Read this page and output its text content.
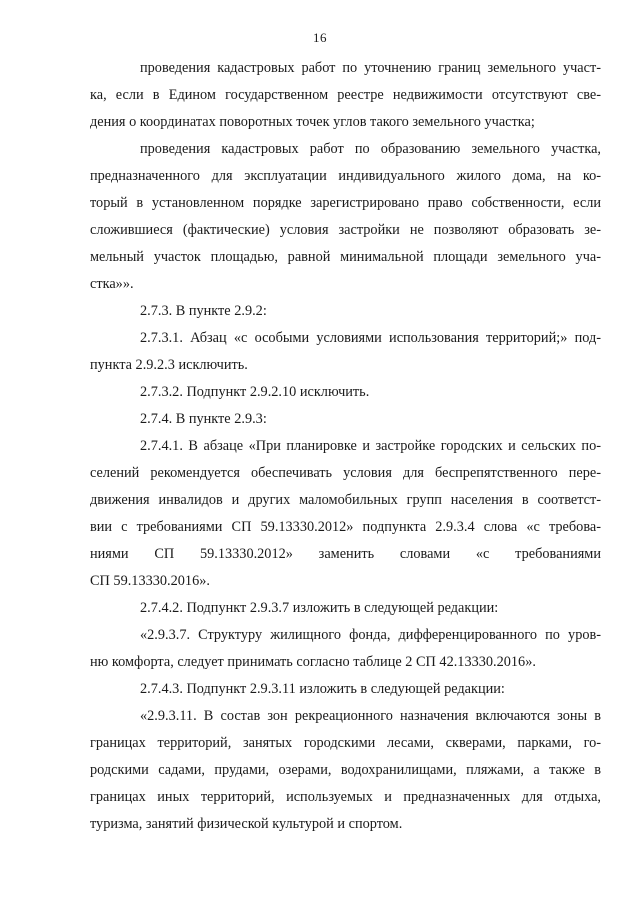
16
проведения кадастровых работ по уточнению границ земельного участ-
ка, если в Едином государственном реестре недвижимости отсутствуют све-
дения о координатах поворотных точек углов такого земельного участка;
проведения кадастровых работ по образованию земельного участка,
предназначенного для эксплуатации индивидуального жилого дома, на ко-
торый в установленном порядке зарегистрировано право собственности, если
сложившиеся (фактические) условия застройки не позволяют образовать зе-
мельный участок площадью, равной минимальной площади земельного уча-
стка»».
2.7.3. В пункте 2.9.2:
2.7.3.1. Абзац «с особыми условиями использования территорий;» под-
пункта 2.9.2.3 исключить.
2.7.3.2. Подпункт 2.9.2.10 исключить.
2.7.4. В пункте 2.9.3:
2.7.4.1. В абзаце «При планировке и застройке городских и сельских по-
селений рекомендуется обеспечивать условия для беспрепятственного пере-
движения инвалидов и других маломобильных групп населения в соответст-
вии с требованиями СП 59.13330.2012» подпункта 2.9.3.4 слова «с требова-
ниями СП 59.13330.2012» заменить словами «с требованиями
СП 59.13330.2016».
2.7.4.2. Подпункт 2.9.3.7 изложить в следующей редакции:
«2.9.3.7. Структуру жилищного фонда, дифференцированного по уров-
ню комфорта, следует принимать согласно таблице 2 СП 42.13330.2016».
2.7.4.3. Подпункт 2.9.3.11 изложить в следующей редакции:
«2.9.3.11. В состав зон рекреационного назначения включаются зоны в
границах территорий, занятых городскими лесами, скверами, парками, го-
родскими садами, прудами, озерами, водохранилищами, пляжами, а также в
границах иных территорий, используемых и предназначенных для отдыха,
туризма, занятий физической культурой и спортом.
